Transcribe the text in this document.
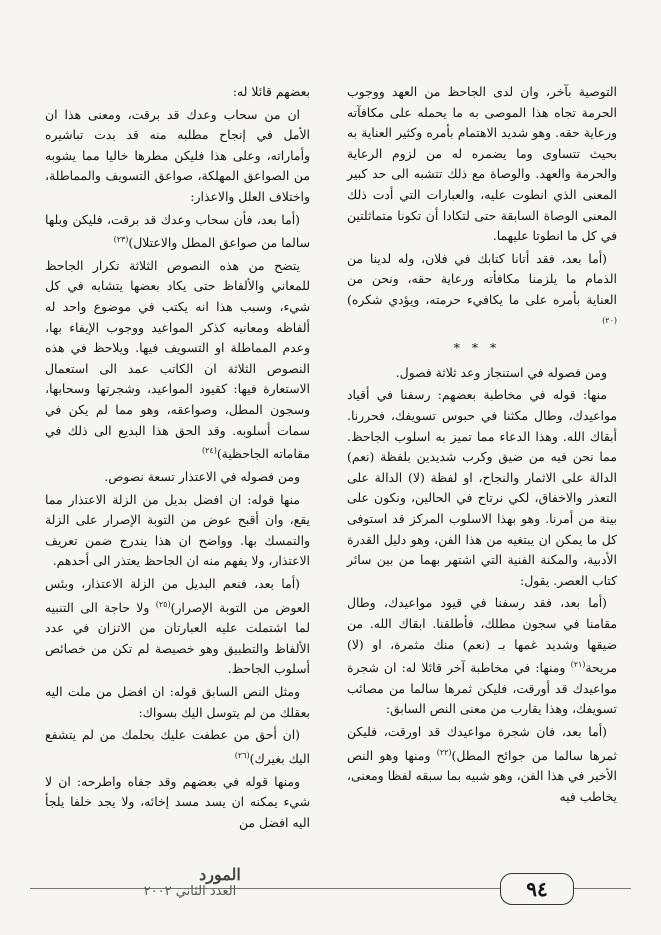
التوصية بآخر، وان لدى الجاحظ من العهد ووجوب الحرمة تجاه هذا الموصى به ما يحمله على مكافآته ورعاية حقه. وهو شديد الاهتمام بأمره وكثير العناية به بحيث تتساوى وما يضمره له من لزوم الرعاية والحرمة والعهد. والوصاة مع ذلك تتشبه الى حد كبير المعنى الذي انطوت عليه، والعبارات التي أدت ذلك المعنى الوصاة السابقة حتى لتكادا أن تكونا متماثلتين في كل ما انطوتا عليهما.

(أما بعد، فقد أتانا كتابك في فلان، وله لدينا من الذمام ما يلزمنا مكافأته ورعاية حقه، ونحن من العناية بأمره على ما يكافيء حرمته، ويؤدي شكره)$^{(٢٠)}$

* * *

ومن فصوله في استنجاز وعد ثلاثة فصول.

منها: قوله في مخاطبة بعضهم: رسفنا في أقياد مواعيدك، وطال مكثنا في حبوس تسويفك، فحررنا. أبقاك الله. وهذا الدعاء مما تميز به اسلوب الجاحظ. مما نحن فيه من ضيق وكرب شديدين بلفظة (نعم) الدالة على الاثمار والنجاح، او لفظة (لا) الدالة على التعذر والاخفاق، لكي نرتاح في الحالين، ونكون على بينة من أمرنا. وهو بهذا الاسلوب المركز قد استوفى كل ما يمكن ان يبتغيه من هذا الفن، وهو دليل القدرة الأدبية، والمكنة الفنية التي اشتهر بهما من بين سائر كتاب العصر. يقول:

(أما بعد، فقد رسفنا في قيود مواعيدك، وطال مقامنا في سجون مطلك، فأطلقنا. ابقاك الله. من ضيقها وشديد غمها بـ (نعم) منك مثمرة، او (لا) مريحة$^{(٢١)}$ ومنها: في مخاطبة آخر قائلا له: ان شجرة مواعيدك قد أورقت، فليكن ثمرها سالما من مصائب تسويفك، وهذا يقارب من معنى النص السابق:

(أما بعد، فان شجرة مواعيدك قد اورقت، فليكن ثمرها سالما من جوائح المطل)$^{(٢٢)}$ ومنها وهو النص الأخير في هذا الفن، وهو شبيه بما سبقه لفظا ومعنى، يخاطب فيه

بعضهم قائلا له:

ان من سحاب وعدك قد برقت، ومعنى هذا ان الأمل في إنجاح مطلبه منه قد بدت تباشيره وأماراته، وعلى هذا فليكن مطرها خاليا مما يشوبه من الصواعق المهلكة، صواعق التسويف والمماطلة، واختلاف العلل والاعذار:

(أما بعد، فأن سحاب وعدك قد برقت، فليكن وبلها سالما من صواعق المطل والاعتلال)$^{(٢٣)}$

يتضح من هذه النصوص الثلاثة تكرار الجاحظ للمعاني والألفاظ حتى يكاد بعضها يتشابه في كل شيء، وسبب هذا انه يكتب في موضوع واحد له ألفاظه ومعانيه كذكر المواعيد ووجوب الإيفاء بها، وعدم المماطلة او التسويف فيها. ويلاحظ في هذه النصوص الثلاثة ان الكاتب عمد الى استعمال الاستعارة فيها: كقيود المواعيد، وشجرتها وسحابها، وسجون المطل، وصواعقه، وهو مما لم يكن في سمات أسلوبه. وقد الحق هذا البديع الى ذلك في مقاماته الجاحظية)$^{(٢٤)}$

ومن فصوله في الاعتذار تسعة نصوص.

منها قوله: ان افضل بديل من الزلة الاعتذار مما يقع، وان أقبح عوض من التوبة الإصرار على الزلة والتمسك بها. وواضح ان هذا يندرج ضمن تعريف الاعتذار، ولا يفهم منه ان الجاحظ يعتذر الى أحدهم.

(أما بعد، فنعم البديل من الزلة الاعتذار، وبئس العوض من التوبة الإصرار)$^{(٢٥)}$ ولا حاجة الى التنبيه لما اشتملت عليه العبارتان من الاتزان في عدد الألفاظ والتطبيق وهو خصيصة لم تكن من خصائص أسلوب الجاحظ.

ومثل النص السابق قوله: ان افضل من ملت اليه بعقلك من لم يتوسل اليك بسواك:

(ان أحق من عطفت عليك بحلمك من لم يتشفع اليك بغيرك)$^{(٢٦)}$

ومنها قوله في بعضهم وقد جفاه واطرحه: ان لا شيء يمكنه ان يسد مسد إخائه، ولا يجد خلفا يلجأ اليه افضل من

٩٤
المورد
العدد الثاني ٢٠٠٢
